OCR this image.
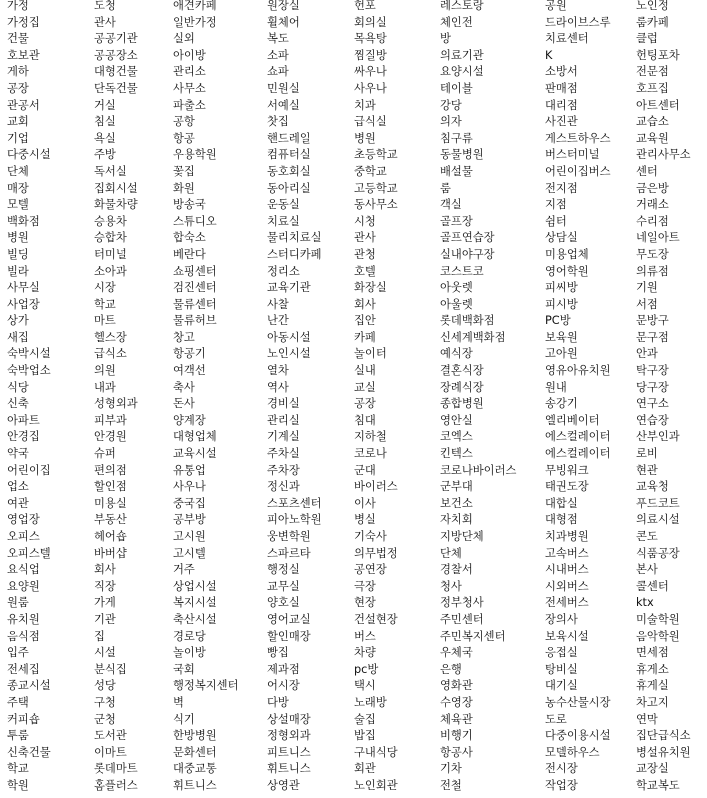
가정
가정집
건물
호보관
게하
공장
관공서
교회
기업
다중시설
단체
매장
모텔
백화점
병원
빌딩
빌라
사무실
사업장
상가
새집
숙박시설
숙박업소
식당
신축
아파트
안경집
약국
어린이집
업소
여관
영업장
오피스
오피스텔
요식업
요양원
원룸
유치원
음식점
입주
전세집
종교시설
주택
커피숍
투룸
신축건물
학교
학원
도청
관사
공공기관
공공장소
대형건물
단독건물
거실
침실
욕실
주방
독서실
집회시설
화물차량
승용차
승합차
터미널
소아과
시장
학교
마트
헬스장
급식소
의원
내과
성형외과
피부과
안경원
슈퍼
편의점
할인점
미용실
부동산
헤어숍
바버샵
회사
직장
가게
기관
집
시설
분식집
성당
구청
군청
도서관
이마트
롯데마트
홈플러스
애견카페
일반가정
실외
아이방
관리소
사무소
파출소
공항
항공
우용학원
꽃집
화원
방송국
스튜디오
합숙소
베란다
쇼핑센터
검진센터
물류센터
물류허브
창고
항공기
여객선
축사
돈사
양계장
대형업체
교육시설
유통업
사우나
중국집
공부방
고시원
고시텔
거주
상업시설
복지시설
축산시설
경로당
놀이방
국회
행정복지센터
벽
식기
한방병원
문화센터
대중교통
휘트니스
원장실
휠체어
복도
소파
쇼파
민원실
서예실
찻집
핸드레일
컴퓨터실
동호회실
동아리실
운동실
치료실
물리치료실
스터디카페
정리소
교육기관
사찰
난간
아동시설
노인시설
열차
역사
경비실
관리실
기계실
주차실
주차장
정신과
스포츠센터
피아노학원
웅변학원
스파르타
행정실
교무실
양호실
영어교실
할인매장
빵집
제과점
어시장
다방
상설매장
정형외과
피트니스
휘트니스
상영관
헌포
회의실
목욕탕
찜질방
싸우나
사우나
치과
급식실
병원
초등학교
중학교
고등학교
동사무소
시청
관사
관청
호텔
화장실
회사
집안
카페
놀이터
실내
교실
공장
침대
지하철
코로나
군대
바이러스
이사
병실
기숙사
의무법정
공연장
극장
현장
건설현장
버스
차량
pc방
택시
노래방
술집
밥집
구내식당
회관
노인회관
레스토랑
체인전
방
의료기관
요양시설
테이블
강당
의자
침구류
동물병원
배설물
룸
객실
골프장
골프연습장
실내야구장
코스트코
아웃렛
아울렛
롯데백화점
신세계백화점
예식장
결혼식장
장례식장
종합병원
영안실
코엑스
킨텍스
코로나바이러스
군부대
보건소
자치회
지방단체
단체
경찰서
청사
정부청사
주민센터
주민복지센터
우체국
은행
영화관
수영장
체육관
비행기
항공사
기차
전철
공원
드라이브스루
치료센터
K
소방서
판매점
대리점
사진관
게스트하우스
버스터미널
어린이집버스
전지점
지점
쉼터
상담실
미용업체
영어학원
피씨방
피시방
PC방
보육원
고아원
영유아유치원
원내
송강기
엘리베이터
에스컬레이터
에스컬레이터
무빙워크
태권도장
대합실
대형점
치과병원
고속버스
시내버스
시외버스
전세버스
장의사
보육시설
응접실
탕비실
대기실
농수산물시장
도로
다중이용시설
모델하우스
전시장
작업장
노인정
룸카페
클럽
헌팅포차
전문점
호프집
아트센터
교습소
교육원
관리사무소
센터
금은방
거래소
수리점
네일아트
무도장
의류점
기원
서점
문방구
문구점
안과
탁구장
당구장
연구소
연습장
산부인과
로비
현관
교육청
푸드코트
의료시설
콘도
식품공장
본사
콜센터
ktx
미술학원
음악학원
면세점
휴게소
휴게실
차고지
연막
집단급식소
병설유치원
교장실
학교복도
